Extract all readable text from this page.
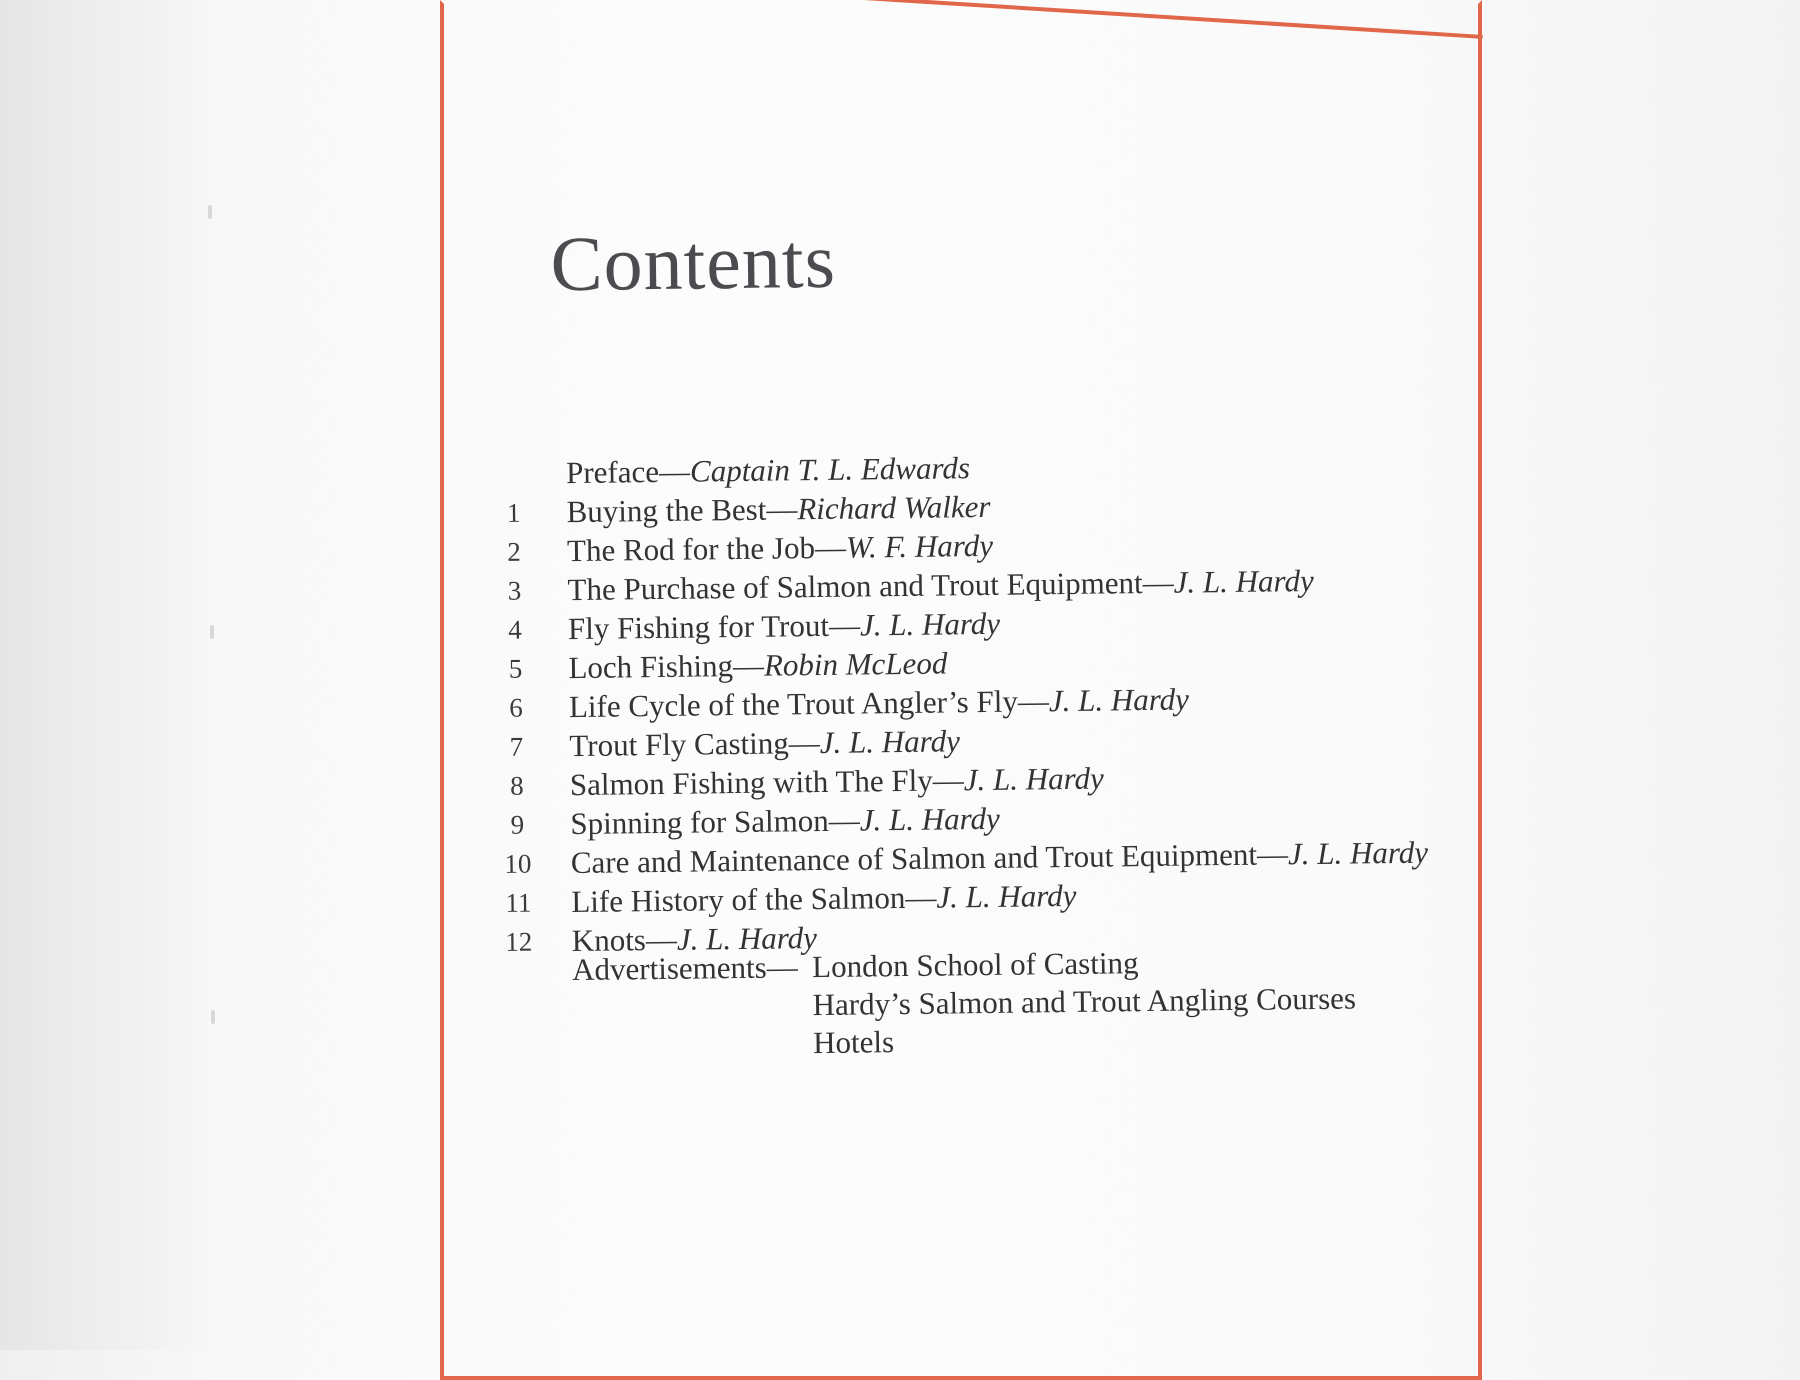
Contents
Preface—Captain T. L. Edwards
1	Buying the Best—Richard Walker
2	The Rod for the Job—W. F. Hardy
3	The Purchase of Salmon and Trout Equipment—J. L. Hardy
4	Fly Fishing for Trout—J. L. Hardy
5	Loch Fishing—Robin McLeod
6	Life Cycle of the Trout Angler’s Fly—J. L. Hardy
7	Trout Fly Casting—J. L. Hardy
8	Salmon Fishing with The Fly—J. L. Hardy
9	Spinning for Salmon—J. L. Hardy
10 Care and Maintenance of Salmon and Trout Equipment—J. L. Hardy
11 Life History of the Salmon—J. L. Hardy
12 Knots—J. L. Hardy
Advertisements— London School of Casting
Hardy’s Salmon and Trout Angling Courses
Hotels
